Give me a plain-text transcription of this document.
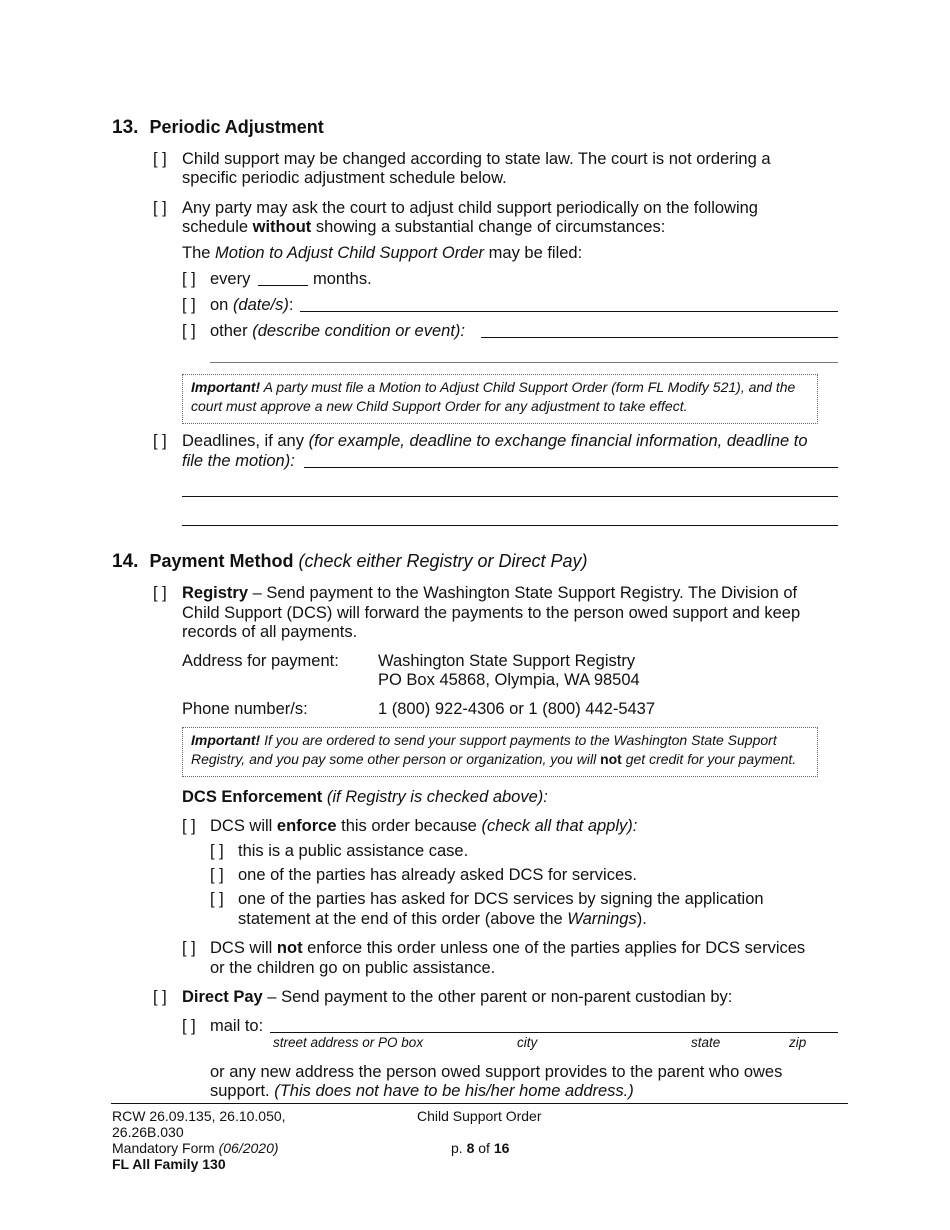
13. Periodic Adjustment
[ ] Child support may be changed according to state law. The court is not ordering a
specific periodic adjustment schedule below.
[ ] Any party may ask the court to adjust child support periodically on the following
schedule without showing a substantial change of circumstances:
The Motion to Adjust Child Support Order may be filed:
[ ] every	months.
[ ] on (date/s):
[ ] other (describe condition or event):
Important! A party must file a Motion to Adjust Child Support Order (form FL Modify 521), and the
court must approve a new Child Support Order for any adjustment to take effect.
[ ] Deadlines, if any (for example, deadline to exchange financial information, deadline to
file the motion):
14. Payment Method (check either Registry or Direct Pay)
[ ] Registry – Send payment to the Washington State Support Registry. The Division of
Child Support (DCS) will forward the payments to the person owed support and keep
records of all payments.
Address for payment: Washington State Support Registry
PO Box 45868, Olympia, WA 98504
Phone number/s:	1 (800) 922-4306 or 1 (800) 442-5437
Important! If you are ordered to send your support payments to the Washington State Support
Registry, and you pay some other person or organization, you will not get credit for your payment.
DCS Enforcement (if Registry is checked above):
[ ] DCS will enforce this order because (check all that apply):
[ ] this is a public assistance case.
[ ] one of the parties has already asked DCS for services.
[ ] one of the parties has asked for DCS services by signing the application
statement at the end of this order (above the Warnings).
[ ] DCS will not enforce this order unless one of the parties applies for DCS services
or the children go on public assistance.
[ ] Direct Pay – Send payment to the other parent or non-parent custodian by:
[ ] mail to:
street address or PO box	city	state	zip
or any new address the person owed support provides to the parent who owes
support. (This does not have to be his/her home address.)
RCW 26.09.135, 26.10.050,
26.26B.030
Mandatory Form (06/2020)
FL All Family 130
Child Support Order
p. 8 of 16
